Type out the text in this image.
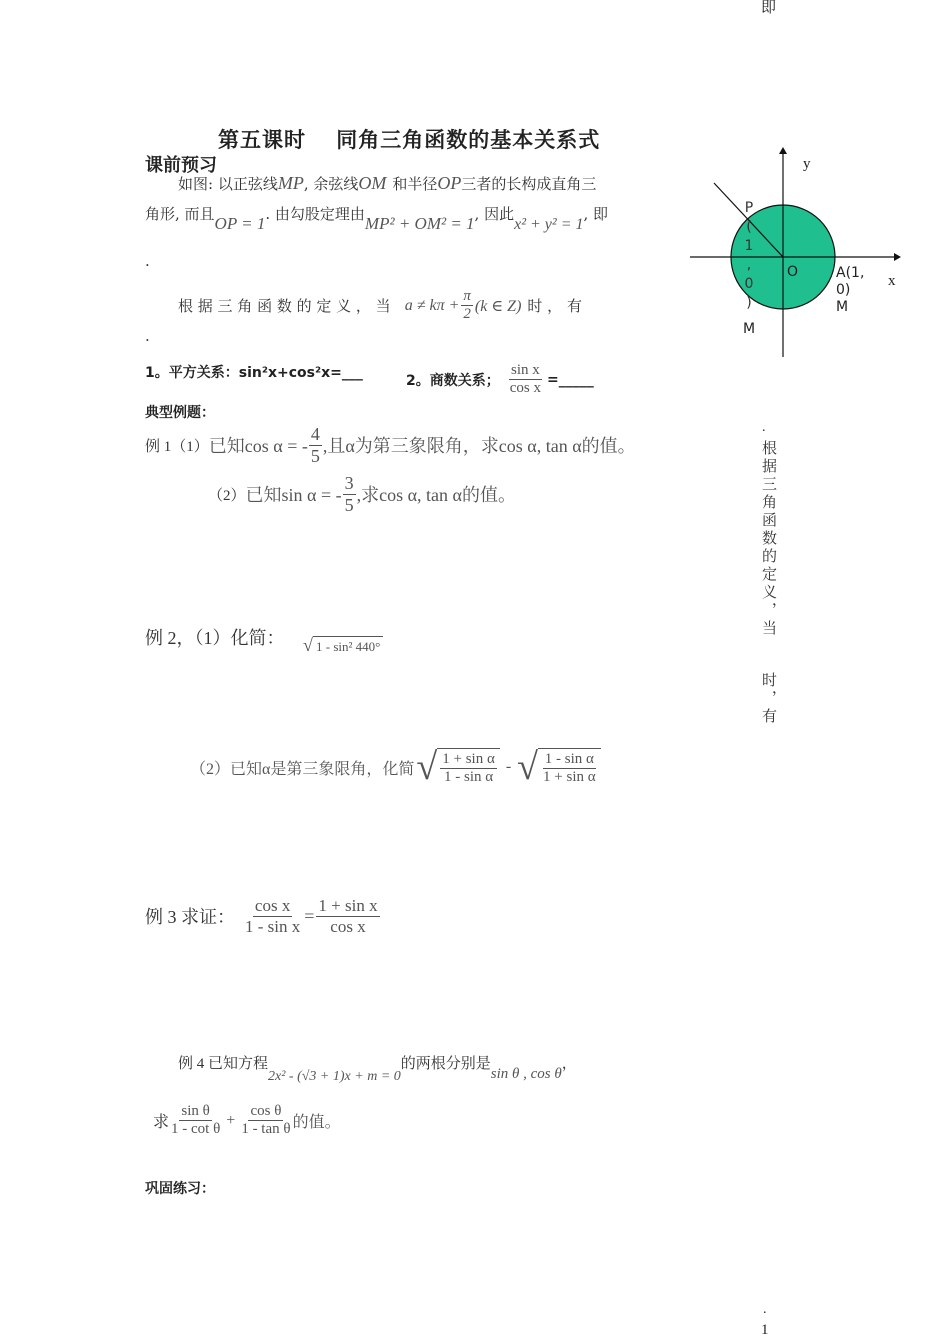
即
第五课时　 同角三角函数的基本关系式
课前预习
如图: 以正弦线MP, 余弦线OM 和半径OP三者的长构成直角三
角形, 而且OP = 1. 由勾股定理由MP² + OM² = 1, 因此x² + y² = 1, 即
.
根 据 三 角 函 数 的 定 义 ， 当 $a \ne k\pi + \frac{\pi}{2} (k$ ∈ Z) 时 ， 有
.
1。平方关系：sin²x+cos²x=___	2。商数关系； $\frac{\text{sin x}}{\text{cos x}}$ =_____
典型例题：
例 1（1） 已知cos α = - $\frac{4}{5}$ ,且α为第三象限角，求cos α, tan α的值。
（2） 已知sin α = - $\frac{3}{5}$ ,求cos α, tan α的值。
例 2，（1）化简： √ 1 - sin² 440°
（2）已知α是第三象限角，化简 √ $\frac{\text{1 + sin α}}{\text{1 - sin α}}$ - √ $\frac{\text{1 - sin α}}{\text{1 + sin α}}$
例 3 求证： $\frac{\text{cos x}}{\text{1 - sin x}} = \frac{\text{1 + sin x}}{\text{cos x}}$
例 4 已知方程2x² - (√3 + 1)x + m = 0的两根分别是sin θ , cos θ，
求 $\frac{\text{sin θ}}{\text{1 - cot θ}} + \frac{\text{cos θ}}{\text{1 - tan θ}}$ 的值。
巩固练习：
y
x
O	A(1,
0)
M
P(1,0)
M
.
根据三角函数的定义，当
时，有
.
1
